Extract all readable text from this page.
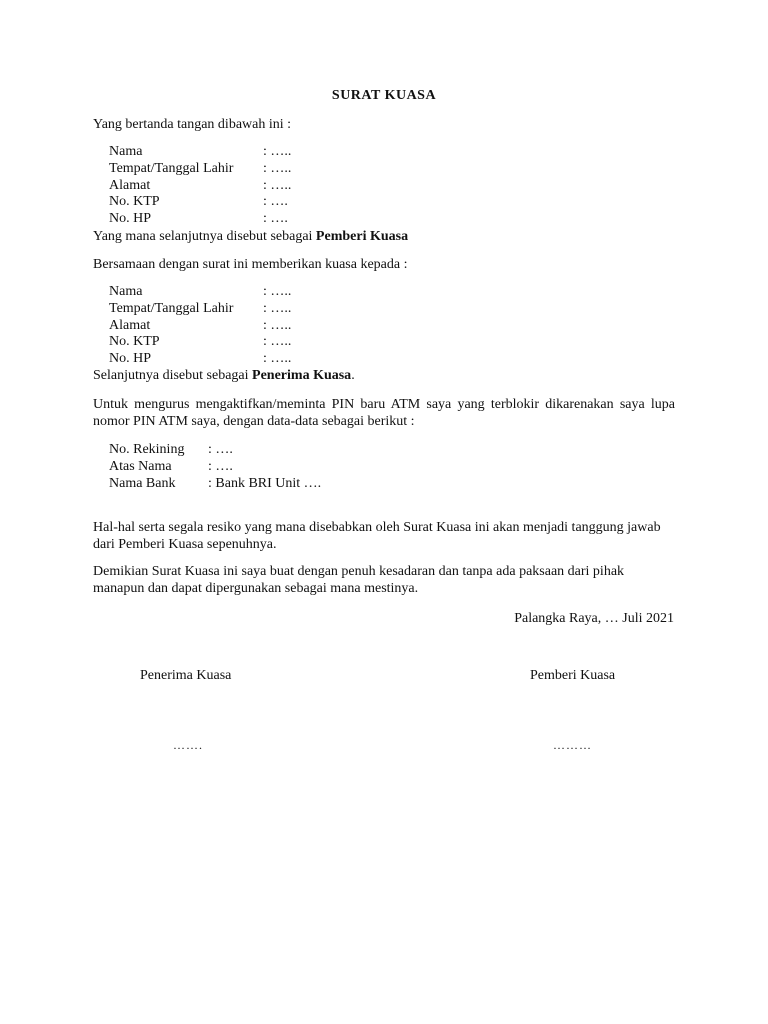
SURAT KUASA
Yang bertanda tangan dibawah ini :
Nama	: …..
Tempat/Tanggal Lahir : …..
Alamat	: …..
No. KTP	: ….
No. HP	: ….
Yang mana selanjutnya disebut sebagai Pemberi Kuasa
Bersamaan dengan surat ini memberikan kuasa kepada :
Nama	: …..
Tempat/Tanggal Lahir : …..
Alamat	: …..
No. KTP	: …..
No. HP	: …..
Selanjutnya disebut sebagai Penerima Kuasa.
Untuk mengurus mengaktifkan/meminta PIN baru ATM saya yang terblokir dikarenakan saya lupa nomor PIN ATM saya, dengan data-data sebagai berikut :
No. Rekining : ….
Atas Nama	: ….
Nama Bank : Bank BRI Unit ….
Hal-hal serta segala resiko yang mana disebabkan oleh Surat Kuasa ini akan menjadi tanggung jawab dari Pemberi Kuasa sepenuhnya.
Demikian Surat Kuasa ini saya buat dengan penuh kesadaran dan tanpa ada paksaan dari pihak manapun dan dapat dipergunakan sebagai mana mestinya.
Palangka Raya, … Juli 2021
Penerima Kuasa	Pemberi Kuasa
…….	………
